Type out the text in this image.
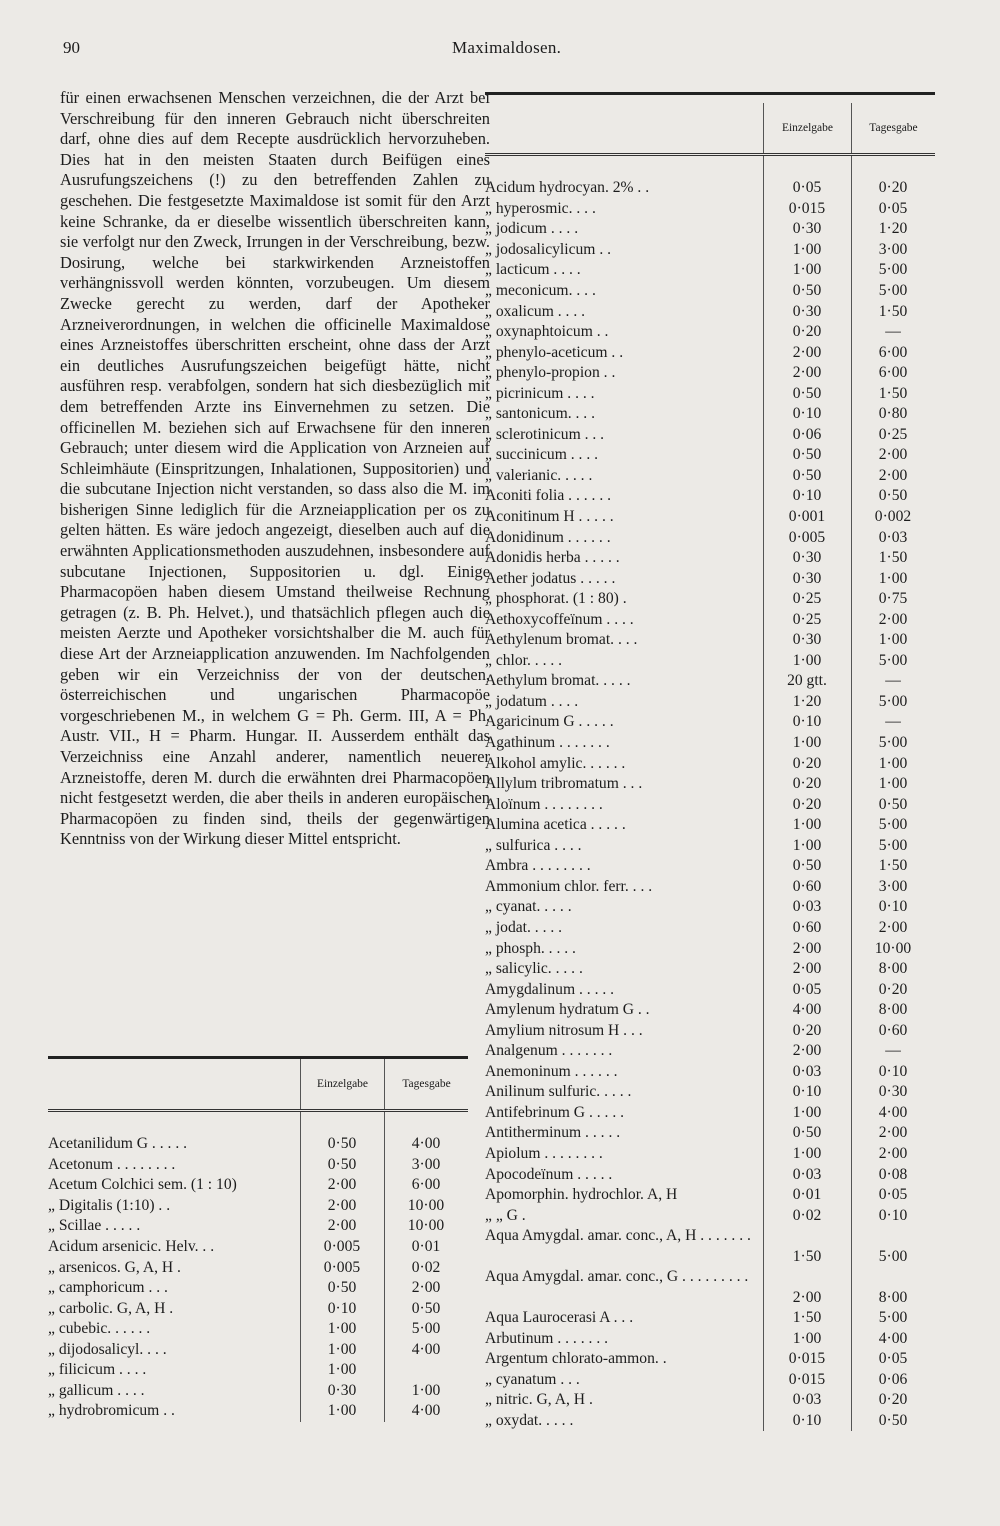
90	Maximaldosen.
für einen erwachsenen Menschen verzeichnen, die der Arzt bei Verschreibung für den inneren Gebrauch nicht überschreiten darf, ohne dies auf dem Recepte ausdrücklich hervorzuheben. Dies hat in den meisten Staaten durch Beifügen eines Ausrufungszeichens (!) zu den betreffenden Zahlen zu geschehen. Die festgesetzte Maximaldose ist somit für den Arzt keine Schranke, da er dieselbe wissentlich überschreiten kann, sie verfolgt nur den Zweck, Irrungen in der Verschreibung, bezw. Dosirung, welche bei starkwirkenden Arzneistoffen verhängnissvoll werden könnten, vorzubeugen. Um diesem Zwecke gerecht zu werden, darf der Apotheker Arzneiverordnungen, in welchen die officinelle Maximaldose eines Arzneistoffes überschritten erscheint, ohne dass der Arzt ein deutliches Ausrufungszeichen beigefügt hätte, nicht ausführen resp. verabfolgen, sondern hat sich diesbezüglich mit dem betreffenden Arzte ins Einvernehmen zu setzen. Die officinellen M. beziehen sich auf Erwachsene für den inneren Gebrauch; unter diesem wird die Application von Arzneien auf Schleimhäute (Einspritzungen, Inhalationen, Suppositorien) und die subcutane Injection nicht verstanden, so dass also die M. im bisherigen Sinne lediglich für die Arzneiapplication per os zu gelten hätten. Es wäre jedoch angezeigt, dieselben auch auf die erwähnten Applicationsmethoden auszudehnen, insbesondere auf subcutane Injectionen, Suppositorien u. dgl. Einige Pharmacopöen haben diesem Umstand theilweise Rechnung getragen (z. B. Ph. Helvet.), und thatsächlich pflegen auch die meisten Aerzte und Apotheker vorsichtshalber die M. auch für diese Art der Arzneiapplication anzuwenden. Im Nachfolgenden geben wir ein Verzeichniss der von der deutschen, österreichischen und ungarischen Pharmacopöe vorgeschriebenen M., in welchem G = Ph. Germ. III, A = Ph. Austr. VII., H = Pharm. Hungar. II. Ausserdem enthält das Verzeichniss eine Anzahl anderer, namentlich neuerer Arzneistoffe, deren M. durch die erwähnten drei Pharmacopöen nicht festgesetzt werden, die aber theils in anderen europäischen Pharmacopöen zu finden sind, theils der gegenwärtigen Kenntniss von der Wirkung dieser Mittel entspricht.
Einzelgabe	Tagesgabe
Acetanilidum G . . . . .	0·50	4·00
Acetonum . . . . . . . .	0·50	3·00
Acetum Colchici sem. (1 : 10)	2·00	6·00
„ Digitalis (1:10) . .	2·00	10·00
„ Scillae . . . . .	2·00	10·00
Acidum arsenicic. Helv. . .	0·005	0·01
„ arsenicos. G, A, H .	0·005	0·02
„ camphoricum . . .	0·50	2·00
„ carbolic. G, A, H .	0·10	0·50
„ cubebic. . . . . .	1·00	5·00
„ dijodosalicyl. . . .	1·00	4·00
„ filicicum . . . .	1·00
„ gallicum . . . .	0·30	1·00
„ hydrobromicum . .	1·00	4·00
Einzelgabe	Tagesgabe
Acidum hydrocyan. 2% . .	0·05	0·20
„ hyperosmic. . . .	0·015	0·05
„ jodicum . . . .	0·30	1·20
„ jodosalicylicum . .	1·00	3·00
„ lacticum . . . .	1·00	5·00
„ meconicum. . . .	0·50	5·00
„ oxalicum . . . .	0·30	1·50
„ oxynaphtoicum . .	0·20	—
„ phenylo-aceticum . .	2·00	6·00
„ phenylo-propion . .	2·00	6·00
„ picrinicum . . . .	0·50	1·50
„ santonicum. . . .	0·10	0·80
„ sclerotinicum . . .	0·06	0·25
„ succinicum . . . .	0·50	2·00
„ valerianic. . . . .	0·50	2·00
Aconiti folia . . . . . .	0·10	0·50
Aconitinum H . . . . .	0·001	0·002
Adonidinum . . . . . .	0·005	0·03
Adonidis herba . . . . .	0·30	1·50
Aether jodatus . . . . .	0·30	1·00
„ phosphorat. (1 : 80) .	0·25	0·75
Aethoxycoffeïnum . . . .	0·25	2·00
Aethylenum bromat. . . .	0·30	1·00
„ chlor. . . . .	1·00	5·00
Aethylum bromat. . . . .	20 gtt.	—
„ jodatum . . . .	1·20	5·00
Agaricinum G . . . . .	0·10	—
Agathinum . . . . . . .	1·00	5·00
Alkohol amylic. . . . . .	0·20	1·00
Allylum tribromatum . . .	0·20	1·00
Aloïnum . . . . . . . .	0·20	0·50
Alumina acetica . . . . .	1·00	5·00
„ sulfurica . . . .	1·00	5·00
Ambra . . . . . . . .	0·50	1·50
Ammonium chlor. ferr. . . .	0·60	3·00
„ cyanat. . . . .	0·03	0·10
„ jodat. . . . .	0·60	2·00
„ phosph. . . . .	2·00	10·00
„ salicylic. . . . .	2·00	8·00
Amygdalinum . . . . .	0·05	0·20
Amylenum hydratum G . .	4·00	8·00
Amylium nitrosum H . . .	0·20	0·60
Analgenum . . . . . . .	2·00	—
Anemoninum . . . . . .	0·03	0·10
Anilinum sulfuric. . . . .	0·10	0·30
Antifebrinum G . . . . .	1·00	4·00
Antitherminum . . . . .	0·50	2·00
Apiolum . . . . . . . .	1·00	2·00
Apocodeïnum . . . . .	0·03	0·08
Apomorphin. hydrochlor. A, H	0·01	0·05
„ „ G .	0·02	0·10
Aqua Amygdal. amar. conc., A, H . . . . . . .
1·50	5·00
Aqua Amygdal. amar. conc., G . . . . . . . . .
2·00	8·00
Aqua Laurocerasi A . . .	1·50	5·00
Arbutinum . . . . . . .	1·00	4·00
Argentum chlorato-ammon. .	0·015	0·05
„ cyanatum . . .	0·015	0·06
„ nitric. G, A, H .	0·03	0·20
„ oxydat. . . . .	0·10	0·50
